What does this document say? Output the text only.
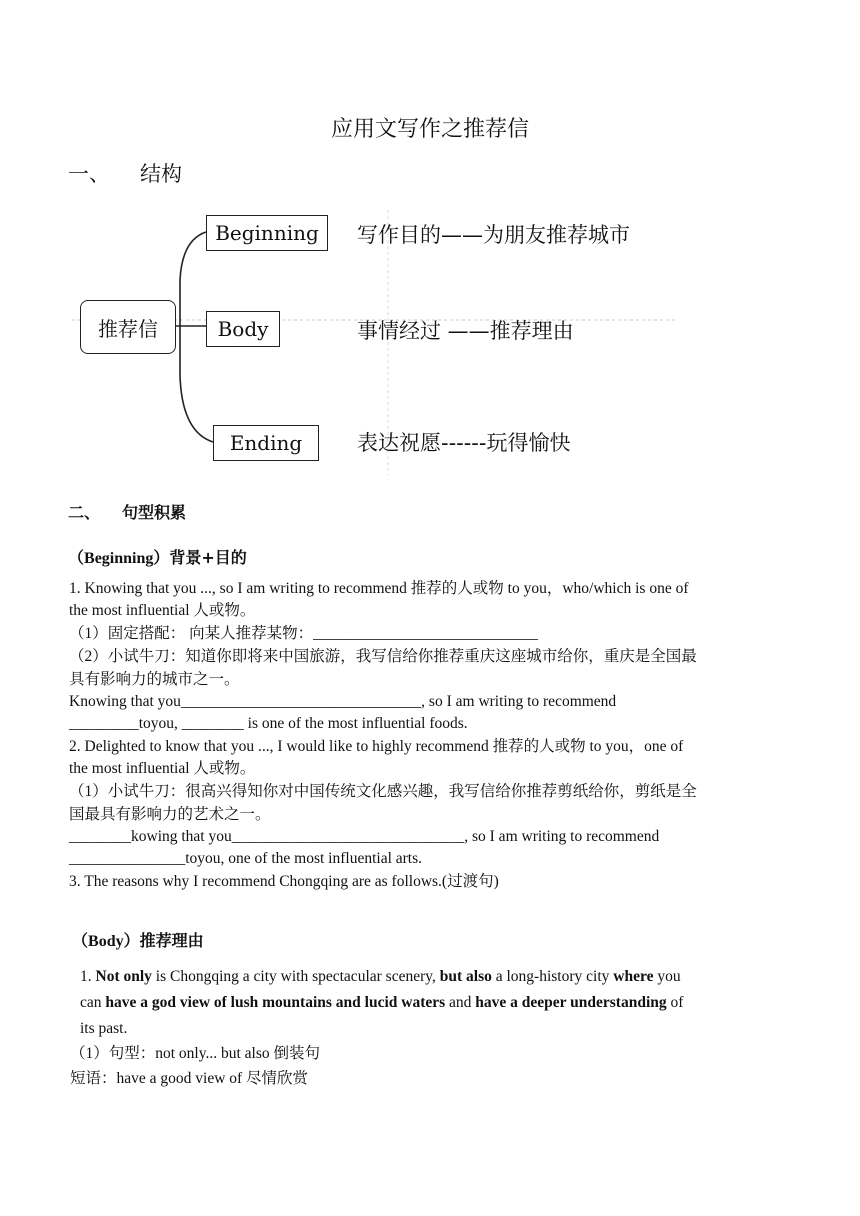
应用文写作之推荐信
一、 结构
推荐信
Beginning
Body
Ending
写作目的——为朋友推荐城市
事情经过 ——推荐理由
表达祝愿------玩得愉快
二、 句型积累
（Beginning）背景+目的
1. Knowing that you ..., so I am writing to recommend 推荐的人或物 to you，who/which is one of
the most influential 人或物。
（1）固定搭配： 向某人推荐某物：_____________________________
（2）小试牛刀：知道你即将来中国旅游，我写信给你推荐重庆这座城市给你，重庆是全国最
具有影响力的城市之一。
Knowing that you_______________________________, so I am writing to recommend
_________toyou, ________ is one of the most influential foods.
2. Delighted to know that you ..., I would like to highly recommend 推荐的人或物 to you，one of
the most influential 人或物。
（1）小试牛刀：很高兴得知你对中国传统文化感兴趣，我写信给你推荐剪纸给你，剪纸是全
国最具有影响力的艺术之一。
________kowing that you______________________________, so I am writing to recommend
_______________toyou, one of the most influential arts.
3. The reasons why I recommend Chongqing are as follows.(过渡句)
（Body）推荐理由
1. Not only is Chongqing a city with spectacular scenery, but also a long-history city where you
can have a god view of lush mountains and lucid waters and have a deeper understanding of
its past.
（1）句型：not only... but also 倒装句
短语：have a good view of 尽情欣赏
